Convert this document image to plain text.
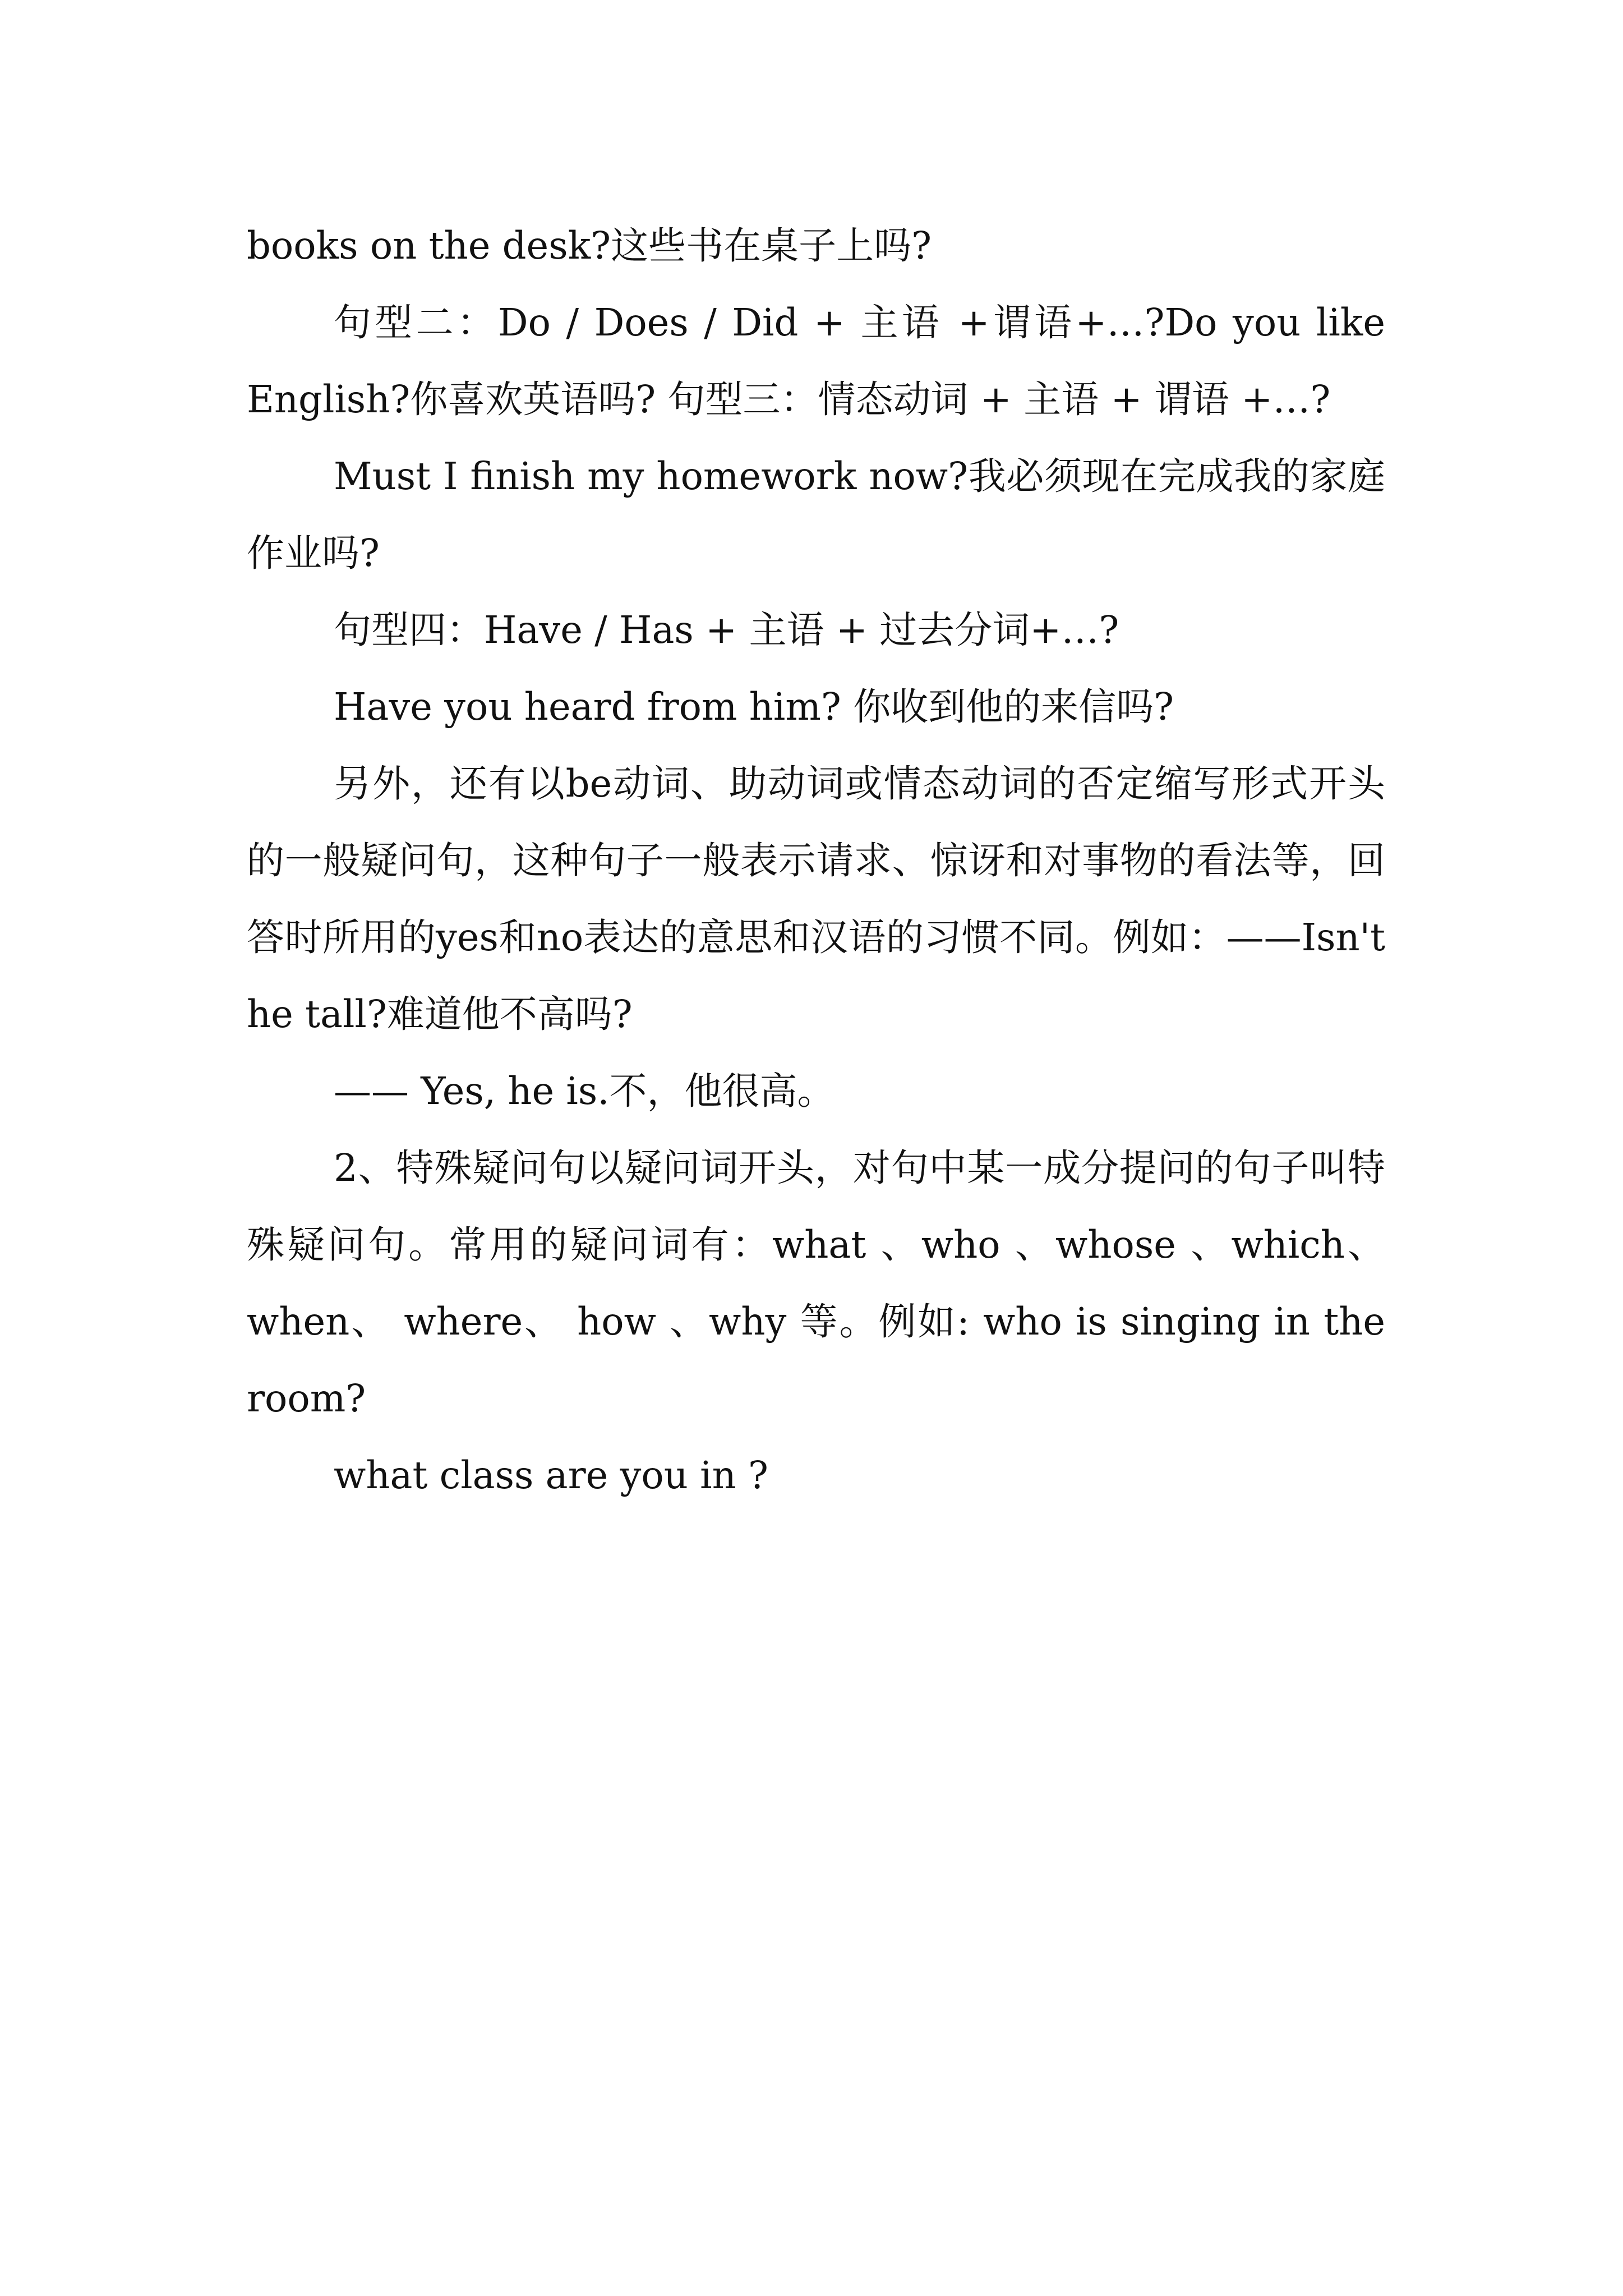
books on the desk?这些书在桌子上吗?

句型二：Do / Does / Did + 主语 +谓语+…?Do you like English?你喜欢英语吗? 句型三：情态动词 + 主语 + 谓语 +…?

Must I finish my homework now?我必须现在完成我的家庭作业吗?

句型四：Have / Has + 主语 + 过去分词+…?

Have you heard from him? 你收到他的来信吗?

另外，还有以be动词、助动词或情态动词的否定缩写形式开头的一般疑问句，这种句子一般表示请求、惊讶和对事物的看法等，回答时所用的yes和no表达的意思和汉语的习惯不同。例如：——Isn't he tall?难道他不高吗?

—— Yes, he is.不，他很高。

2、特殊疑问句以疑问词开头，对句中某一成分提问的句子叫特殊疑问句。常用的疑问词有：what 、who 、whose 、which、 when、 where、 how 、why 等。例如: who is singing in the room?

what class are you in ?
